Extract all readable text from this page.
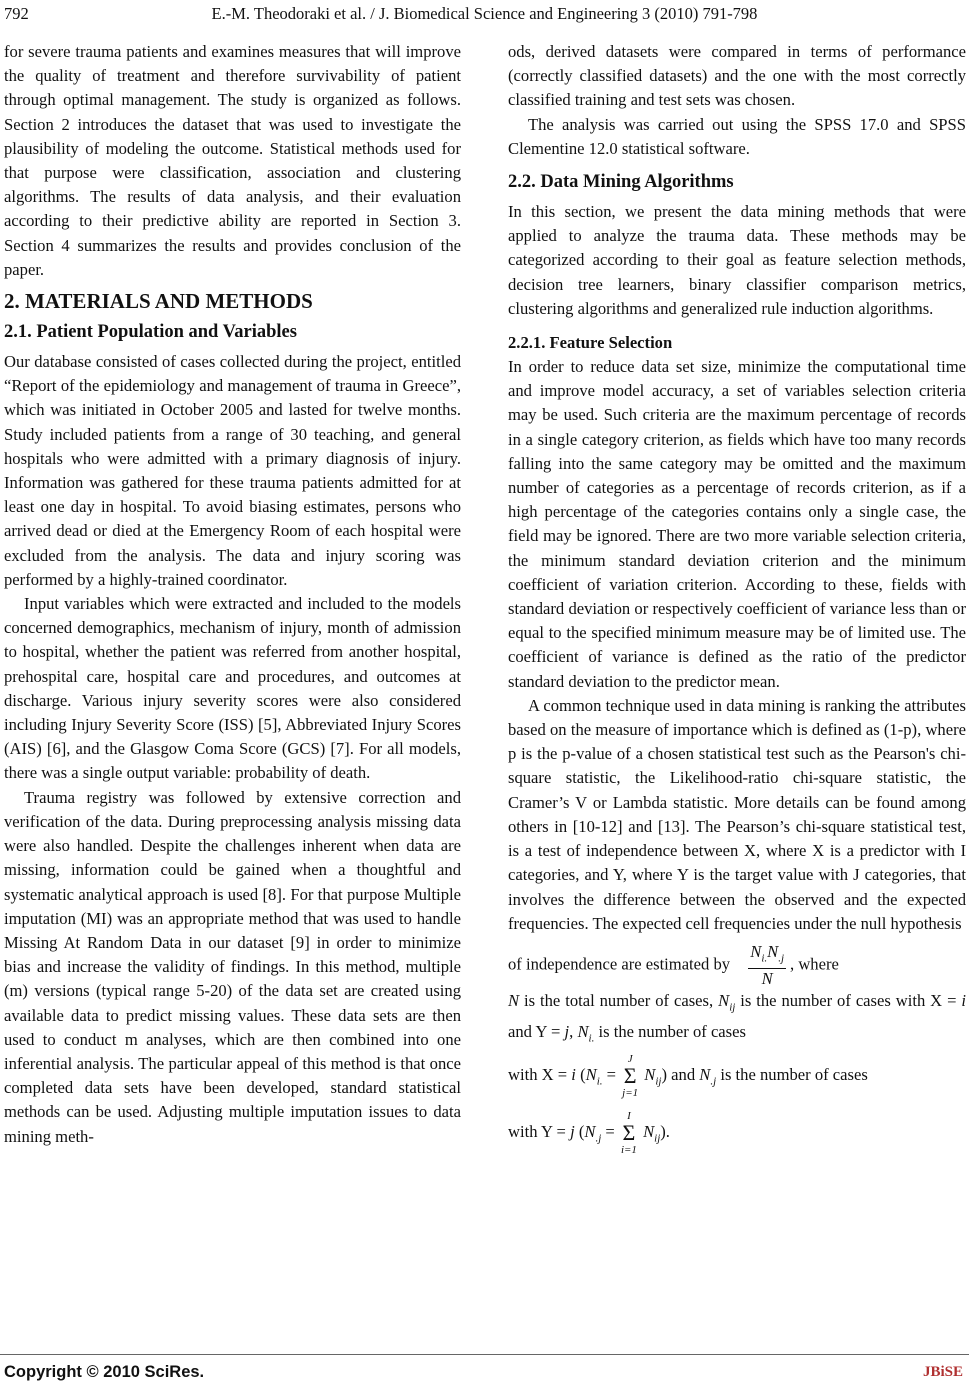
792	E.-M. Theodoraki et al. / J. Biomedical Science and Engineering 3 (2010) 791-798

for severe trauma patients and examines measures that will improve the quality of treatment and therefore survivability of patient through optimal management. The study is organized as follows. Section 2 introduces the dataset that was used to investigate the plausibility of modeling the outcome. Statistical methods used for that purpose were classification, association and clustering algorithms. The results of data analysis, and their evaluation according to their predictive ability are reported in Section 3. Section 4 summarizes the results and provides conclusion of the paper.

2. MATERIALS AND METHODS
2.1. Patient Population and Variables

Our database consisted of cases collected during the project, entitled “Report of the epidemiology and management of trauma in Greece”, which was initiated in October 2005 and lasted for twelve months. Study included patients from a range of 30 teaching, and general hospitals who were admitted with a primary diagnosis of injury. Information was gathered for these trauma patients admitted for at least one day in hospital. To avoid biasing estimates, persons who arrived dead or died at the Emergency Room of each hospital were excluded from the analysis. The data and injury scoring was performed by a highly-trained coordinator.

Input variables which were extracted and included to the models concerned demographics, mechanism of injury, month of admission to hospital, whether the patient was referred from another hospital, prehospital care, hospital care and procedures, and outcomes at discharge. Various injury severity scores were also considered including Injury Severity Score (ISS) [5], Abbreviated Injury Scores (AIS) [6], and the Glasgow Coma Score (GCS) [7]. For all models, there was a single output variable: probability of death.

Trauma registry was followed by extensive correction and verification of the data. During preprocessing analysis missing data were also handled. Despite the challenges inherent when data are missing, information could be gained when a thoughtful and systematic analytical approach is used [8]. For that purpose Multiple imputation (MI) was an appropriate method that was used to handle Missing At Random Data in our dataset [9] in order to minimize bias and increase the validity of findings. In this method, multiple (m) versions (typical range 5-20) of the data set are created using available data to predict missing values. These data sets are then used to conduct m analyses, which are then combined into one inferential analysis. The particular appeal of this method is that once completed data sets have been developed, standard statistical methods can be used. Adjusting multiple imputation issues to data mining meth-

ods, derived datasets were compared in terms of performance (correctly classified datasets) and the one with the most correctly classified training and test sets was chosen.

The analysis was carried out using the SPSS 17.0 and SPSS Clementine 12.0 statistical software.

2.2. Data Mining Algorithms

In this section, we present the data mining methods that were applied to analyze the trauma data. These methods may be categorized according to their goal as feature selection methods, decision tree learners, binary classifier comparison metrics, clustering algorithms and generalized rule induction algorithms.

2.2.1. Feature Selection

In order to reduce data set size, minimize the computational time and improve model accuracy, a set of variables selection criteria may be used. Such criteria are the maximum percentage of records in a single category criterion, as fields which have too many records falling into the same category may be omitted and the maximum number of categories as a percentage of records criterion, as if a high percentage of the categories contains only a single case, the field may be ignored. There are two more variable selection criteria, the minimum standard deviation criterion and the minimum coefficient of variation criterion. According to these, fields with standard deviation or respectively coefficient of variance less than or equal to the specified minimum measure may be of limited use. The coefficient of variance is defined as the ratio of the predictor standard deviation to the predictor mean.

A common technique used in data mining is ranking the attributes based on the measure of importance which is defined as (1-p), where p is the p-value of a chosen statistical test such as the Pearson's chi-square statistic, the Likelihood-ratio chi-square statistic, the Cramer’s V or Lambda statistic. More details can be found among others in [10-12] and [13]. The Pearson’s chi-square statistical test, is a test of independence between X, where X is a predictor with I categories, and Y, where Y is the target value with J categories, that involves the difference between the observed and the expected frequencies. The expected cell frequencies under the null hypothesis

of independence are estimated by $\frac{N_{i.}N_{.j}}{N}$ , where

N is the total number of cases, $N_{ij}$ is the number of cases with X = i and Y = j, $N_{i.}$ is the number of cases

with X = i ($N_{i.}$ =
J
Σ
j=1
$N_{ij}$) and $N_{.j}$ is the number of cases

with Y = j ($N_{.j}$ =
I
Σ
i=1
$N_{ij}$).

Copyright © 2010 SciRes.	JBiSE
